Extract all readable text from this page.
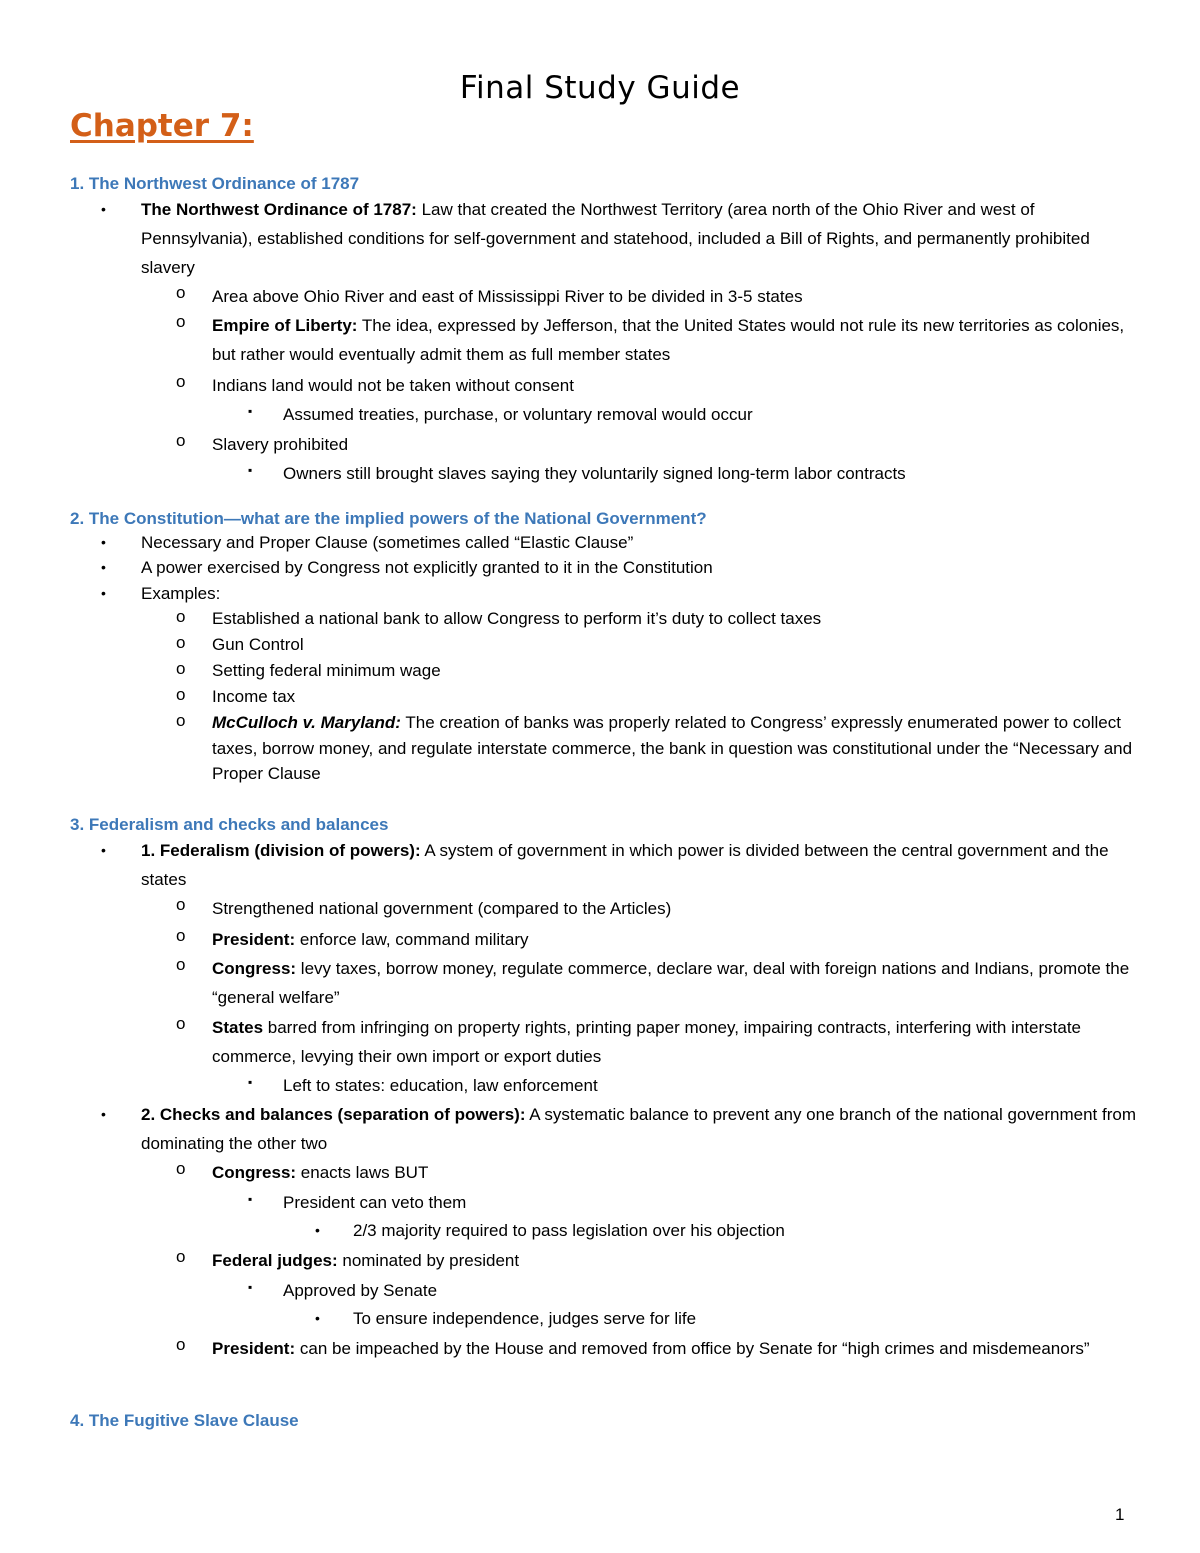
Final Study Guide
Chapter 7:
1. The Northwest Ordinance of 1787
• The Northwest Ordinance of 1787: Law that created the Northwest Territory (area north of the Ohio River and west of Pennsylvania), established conditions for self-government and statehood, included a Bill of Rights, and permanently prohibited slavery
o Area above Ohio River and east of Mississippi River to be divided in 3-5 states
o Empire of Liberty: The idea, expressed by Jefferson, that the United States would not rule its new territories as colonies, but rather would eventually admit them as full member states
o Indians land would not be taken without consent
▪ Assumed treaties, purchase, or voluntary removal would occur
o Slavery prohibited
▪ Owners still brought slaves saying they voluntarily signed long-term labor contracts
2. The Constitution—what are the implied powers of the National Government?
• Necessary and Proper Clause (sometimes called “Elastic Clause”
• A power exercised by Congress not explicitly granted to it in the Constitution
• Examples:
o Established a national bank to allow Congress to perform it’s duty to collect taxes
o Gun Control
o Setting federal minimum wage
o Income tax
o McCulloch v. Maryland: The creation of banks was properly related to Congress’ expressly enumerated power to collect taxes, borrow money, and regulate interstate commerce, the bank in question was constitutional under the “Necessary and Proper Clause
3. Federalism and checks and balances
• 1. Federalism (division of powers): A system of government in which power is divided between the central government and the states
o Strengthened national government (compared to the Articles)
o President: enforce law, command military
o Congress: levy taxes, borrow money, regulate commerce, declare war, deal with foreign nations and Indians, promote the “general welfare”
o States barred from infringing on property rights, printing paper money, impairing contracts, interfering with interstate commerce, levying their own import or export duties
▪ Left to states: education, law enforcement
• 2. Checks and balances (separation of powers): A systematic balance to prevent any one branch of the national government from dominating the other two
o Congress: enacts laws BUT
▪ President can veto them
• 2/3 majority required to pass legislation over his objection
o Federal judges: nominated by president
▪ Approved by Senate
• To ensure independence, judges serve for life
o President: can be impeached by the House and removed from office by Senate for “high crimes and misdemeanors”
4. The Fugitive Slave Clause
1
